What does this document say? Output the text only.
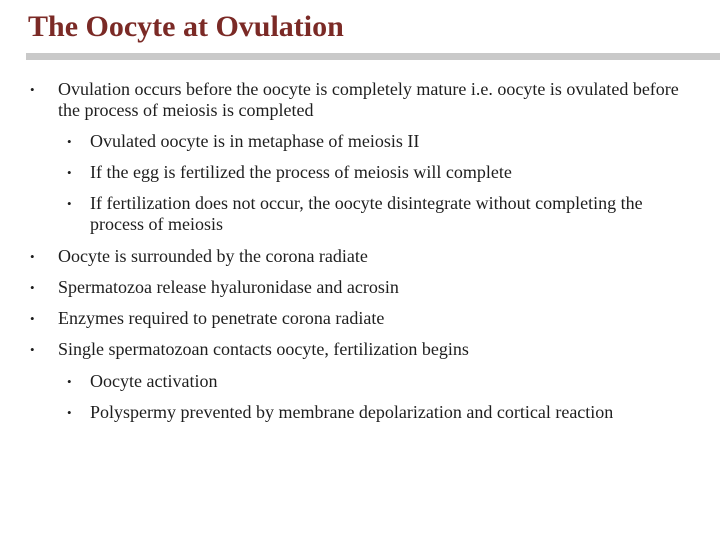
The Oocyte at Ovulation

• Ovulation occurs before the oocyte is completely mature i.e. oocyte is ovulated before the process of meiosis is completed

• Ovulated oocyte is in metaphase of meiosis II

• If the egg is fertilized the process of meiosis will complete

• If fertilization does not occur, the oocyte disintegrate without completing the process of meiosis

• Oocyte is surrounded by the corona radiate

• Spermatozoa release hyaluronidase and acrosin

• Enzymes required to penetrate corona radiate

• Single spermatozoan contacts oocyte, fertilization begins

• Oocyte activation

• Polyspermy prevented by membrane depolarization and cortical reaction
